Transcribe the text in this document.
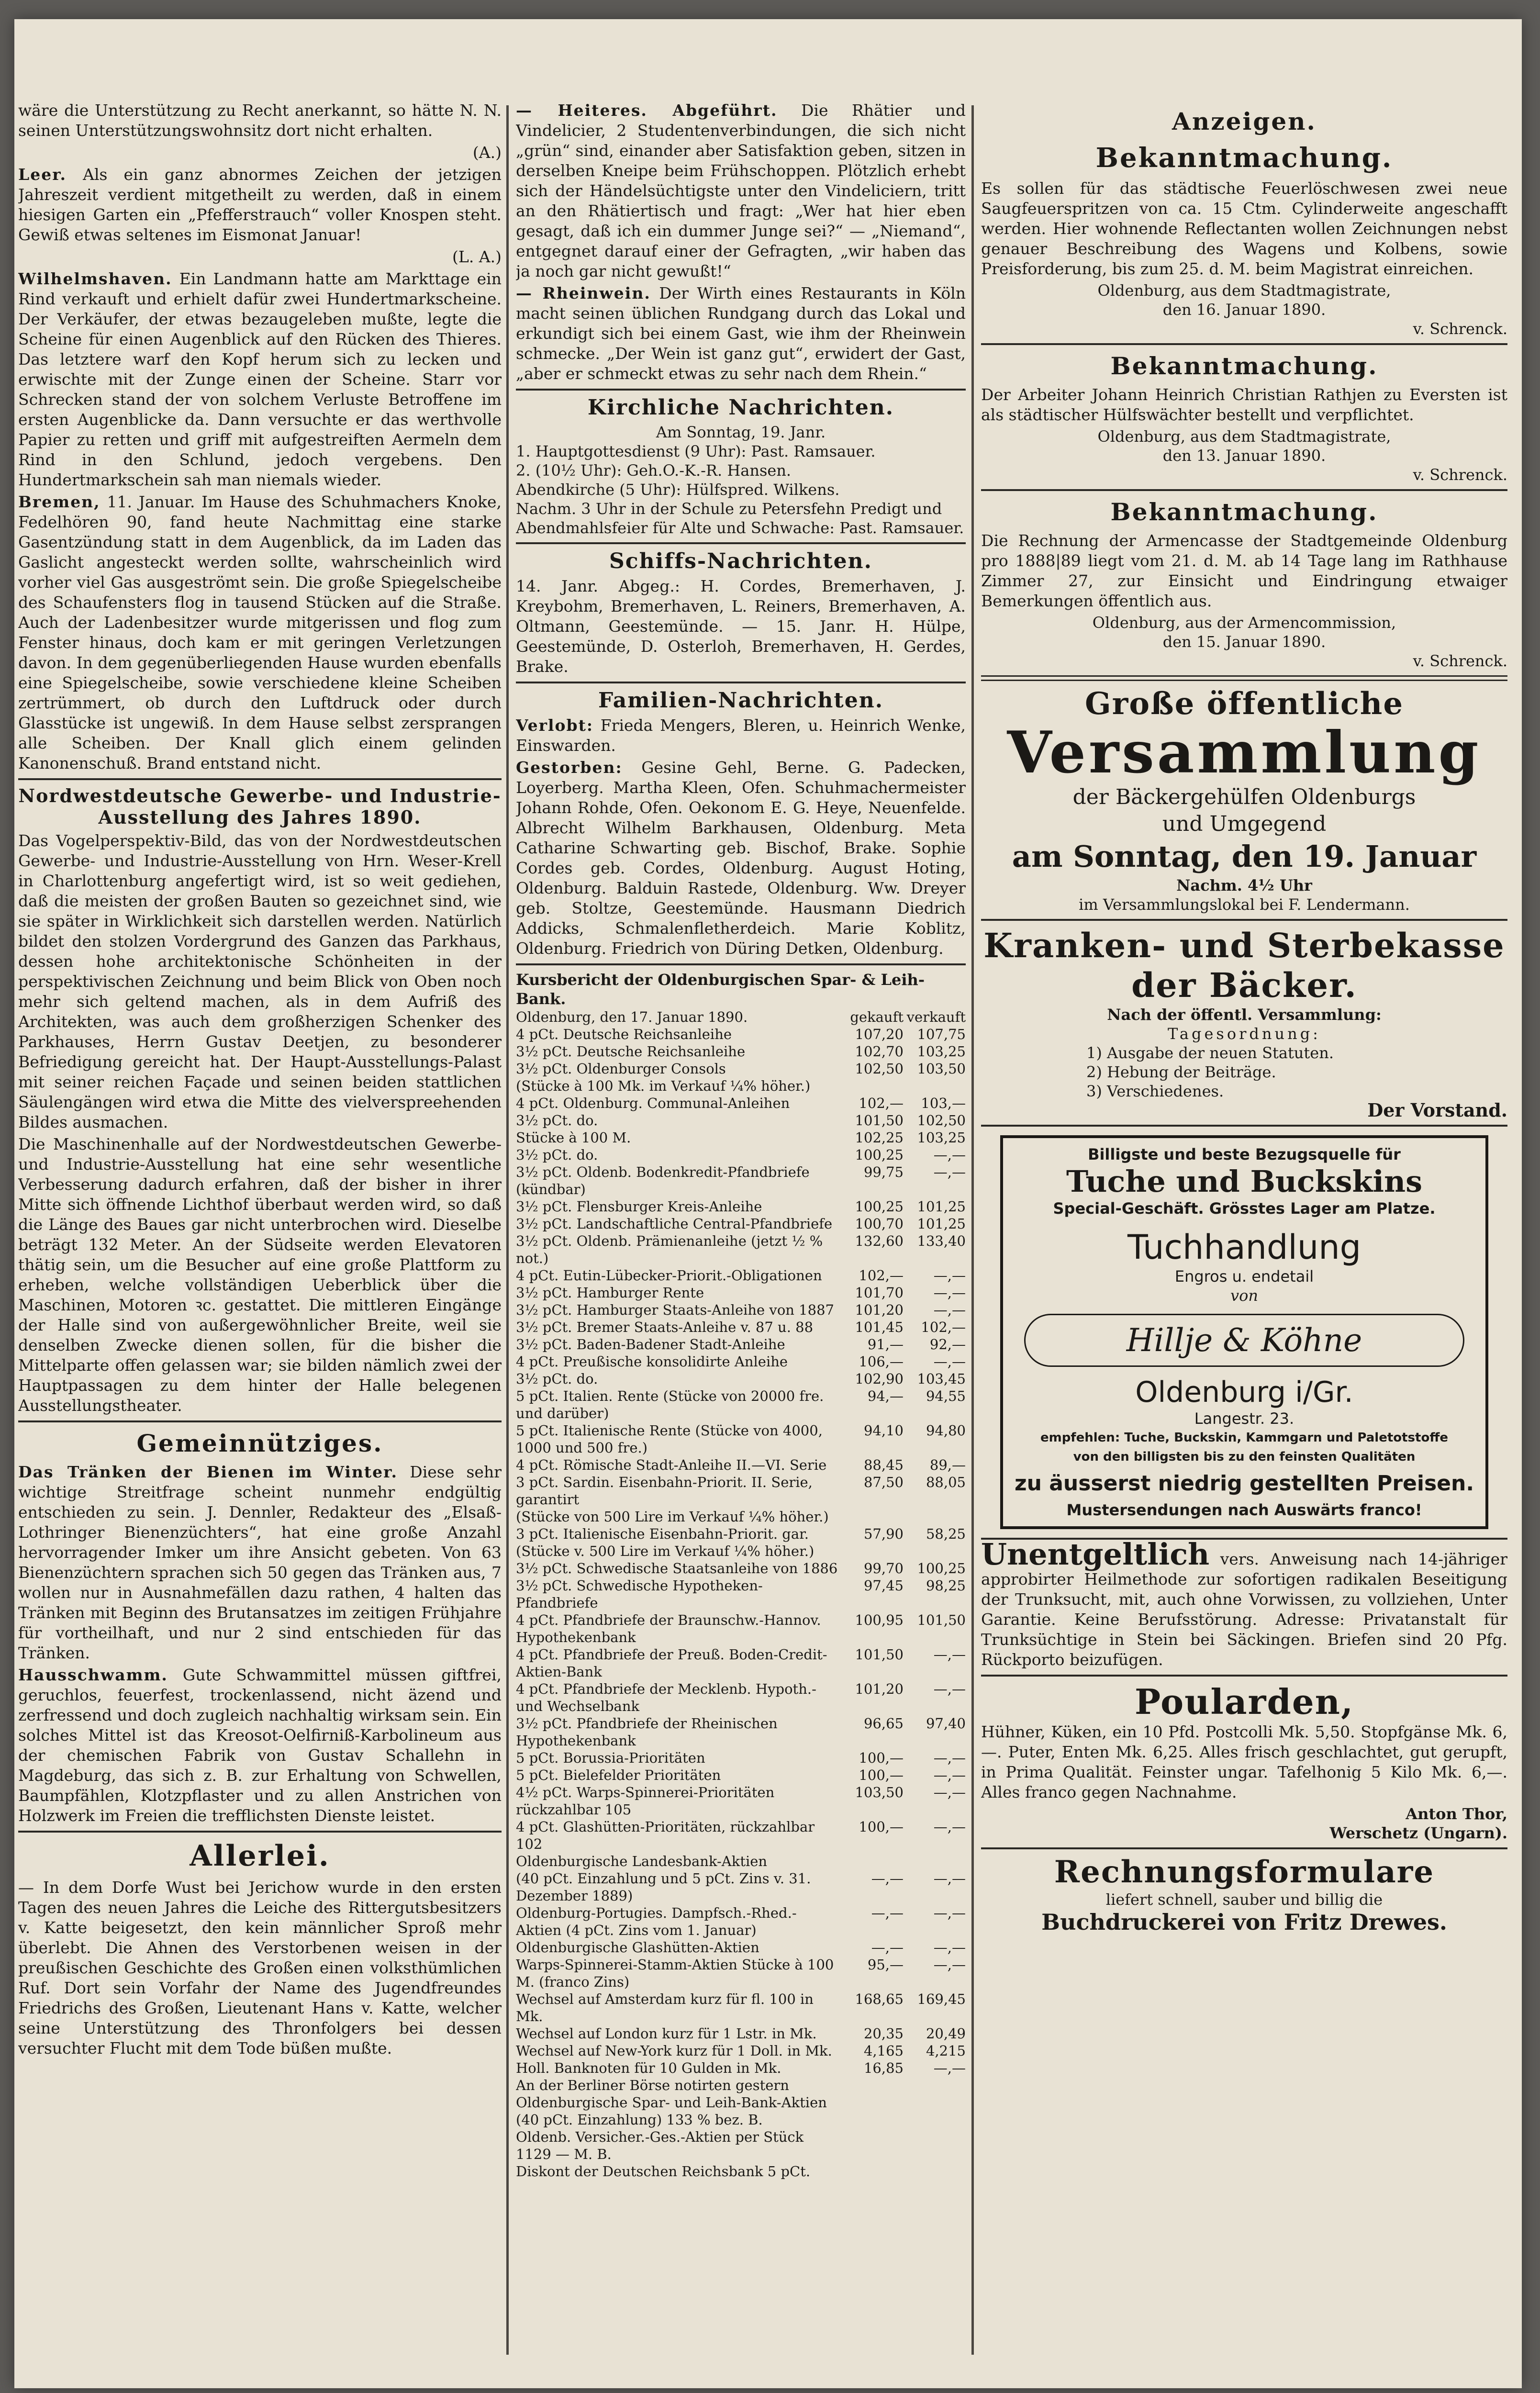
wäre die Unterstützung zu Recht anerkannt, so hätte N. N. seinen Unterstützungswohnsitz dort nicht erhalten.

(A.)

Leer. Als ein ganz abnormes Zeichen der jetzigen Jahreszeit verdient mitgetheilt zu werden, daß in einem hiesigen Garten ein „Pfefferstrauch“ voller Knospen steht. Gewiß etwas seltenes im Eismonat Januar!

(L. A.)

Wilhelmshaven. Ein Landmann hatte am Markttage ein Rind verkauft und erhielt dafür zwei Hundertmarkscheine. Der Verkäufer, der etwas bezaugeleben mußte, legte die Scheine für einen Augenblick auf den Rücken des Thieres. Das letztere warf den Kopf herum sich zu lecken und erwischte mit der Zunge einen der Scheine. Starr vor Schrecken stand der von solchem Verluste Betroffene im ersten Augenblicke da. Dann versuchte er das werthvolle Papier zu retten und griff mit aufgestreiften Aermeln dem Rind in den Schlund, jedoch vergebens. Den Hundertmarkschein sah man niemals wieder.

Bremen, 11. Januar. Im Hause des Schuhmachers Knoke, Fedelhören 90, fand heute Nachmittag eine starke Gasentzündung statt in dem Augenblick, da im Laden das Gaslicht angesteckt werden sollte, wahrscheinlich wird vorher viel Gas ausgeströmt sein. Die große Spiegelscheibe des Schaufensters flog in tausend Stücken auf die Straße. Auch der Ladenbesitzer wurde mitgerissen und flog zum Fenster hinaus, doch kam er mit geringen Verletzungen davon. In dem gegenüberliegenden Hause wurden ebenfalls eine Spiegelscheibe, sowie verschiedene kleine Scheiben zertrümmert, ob durch den Luftdruck oder durch Glasstücke ist ungewiß. In dem Hause selbst zersprangen alle Scheiben. Der Knall glich einem gelinden Kanonenschuß. Brand entstand nicht.

Nordwestdeutsche Gewerbe- und Industrie-Ausstellung des Jahres 1890.

Das Vogelperspektiv-Bild, das von der Nordwestdeutschen Gewerbe- und Industrie-Ausstellung von Hrn. Weser-Krell in Charlottenburg angefertigt wird, ist so weit gediehen, daß die meisten der großen Bauten so gezeichnet sind, wie sie später in Wirklichkeit sich darstellen werden. Natürlich bildet den stolzen Vordergrund des Ganzen das Parkhaus, dessen hohe architektonische Schönheiten in der perspektivischen Zeichnung und beim Blick von Oben noch mehr sich geltend machen, als in dem Aufriß des Architekten, was auch dem großherzigen Schenker des Parkhauses, Herrn Gustav Deetjen, zu besonderer Befriedigung gereicht hat. Der Haupt-Ausstellungs-Palast mit seiner reichen Façade und seinen beiden stattlichen Säulengängen wird etwa die Mitte des vielverspreehenden Bildes ausmachen.

Die Maschinenhalle auf der Nordwestdeutschen Gewerbe- und Industrie-Ausstellung hat eine sehr wesentliche Verbesserung dadurch erfahren, daß der bisher in ihrer Mitte sich öffnende Lichthof überbaut werden wird, so daß die Länge des Baues gar nicht unterbrochen wird. Dieselbe beträgt 132 Meter. An der Südseite werden Elevatoren thätig sein, um die Besucher auf eine große Plattform zu erheben, welche vollständigen Ueberblick über die Maschinen, Motoren ꝛc. gestattet. Die mittleren Eingänge der Halle sind von außergewöhnlicher Breite, weil sie denselben Zwecke dienen sollen, für die bisher die Mittelparte offen gelassen war; sie bilden nämlich zwei der Hauptpassagen zu dem hinter der Halle belegenen Ausstellungstheater.

Gemeinnütziges.

Das Tränken der Bienen im Winter. Diese sehr wichtige Streitfrage scheint nunmehr endgültig entschieden zu sein. J. Dennler, Redakteur des „Elsaß-Lothringer Bienenzüchters“, hat eine große Anzahl hervorragender Imker um ihre Ansicht gebeten. Von 63 Bienenzüchtern sprachen sich 50 gegen das Tränken aus, 7 wollen nur in Ausnahmefällen dazu rathen, 4 halten das Tränken mit Beginn des Brutansatzes im zeitigen Frühjahre für vortheilhaft, und nur 2 sind entschieden für das Tränken.

Hausschwamm. Gute Schwammittel müssen giftfrei, geruchlos, feuerfest, trockenlassend, nicht äzend und zerfressend und doch zugleich nachhaltig wirksam sein. Ein solches Mittel ist das Kreosot-Oelfirniß-Karbolineum aus der chemischen Fabrik von Gustav Schallehn in Magdeburg, das sich z. B. zur Erhaltung von Schwellen, Baumpfählen, Klotzpflaster und zu allen Anstrichen von Holzwerk im Freien die trefflichsten Dienste leistet.

Allerlei.

— In dem Dorfe Wust bei Jerichow wurde in den ersten Tagen des neuen Jahres die Leiche des Rittergutsbesitzers v. Katte beigesetzt, den kein männlicher Sproß mehr überlebt. Die Ahnen des Verstorbenen weisen in der preußischen Geschichte des Großen einen volksthümlichen Ruf. Dort sein Vorfahr der Name des Jugendfreundes Friedrichs des Großen, Lieutenant Hans v. Katte, welcher seine Unterstützung des Thronfolgers bei dessen versuchter Flucht mit dem Tode büßen mußte.

— Heiteres. Abgeführt. Die Rhätier und Vindelicier, 2 Studentenverbindungen, die sich nicht „grün“ sind, einander aber Satisfaktion geben, sitzen in derselben Kneipe beim Frühschoppen. Plötzlich erhebt sich der Händelsüchtigste unter den Vindeliciern, tritt an den Rhätiertisch und fragt: „Wer hat hier eben gesagt, daß ich ein dummer Junge sei?“ — „Niemand“, entgegnet darauf einer der Gefragten, „wir haben das ja noch gar nicht gewußt!“

— Rheinwein. Der Wirth eines Restaurants in Köln macht seinen üblichen Rundgang durch das Lokal und erkundigt sich bei einem Gast, wie ihm der Rheinwein schmecke. „Der Wein ist ganz gut“, erwidert der Gast, „aber er schmeckt etwas zu sehr nach dem Rhein.“

Kirchliche Nachrichten.
Am Sonntag, 19. Janr.
1. Hauptgottesdienst (9 Uhr): Past. Ramsauer.
2. (10½ Uhr): Geh.O.-K.-R. Hansen.
Abendkirche (5 Uhr): Hülfspred. Wilkens.
Nachm. 3 Uhr in der Schule zu Petersfehn Predigt und Abendmahlsfeier für Alte und Schwache: Past. Ramsauer.
Schiffs-Nachrichten.

14. Janr. Abgeg.: H. Cordes, Bremerhaven, J. Kreybohm, Bremerhaven, L. Reiners, Bremerhaven, A. Oltmann, Geestemünde. — 15. Janr. H. Hülpe, Geestemünde, D. Osterloh, Bremerhaven, H. Gerdes, Brake.

Familien-Nachrichten.

Verlobt: Frieda Mengers, Bleren, u. Heinrich Wenke, Einswarden.

Gestorben: Gesine Gehl, Berne. G. Padecken, Loyerberg. Martha Kleen, Ofen. Schuhmachermeister Johann Rohde, Ofen. Oekonom E. G. Heye, Neuenfelde. Albrecht Wilhelm Barkhausen, Oldenburg. Meta Catharine Schwarting geb. Bischof, Brake. Sophie Cordes geb. Cordes, Oldenburg. August Hoting, Oldenburg. Balduin Rastede, Oldenburg. Ww. Dreyer geb. Stoltze, Geestemünde. Hausmann Diedrich Addicks, Schmalenfletherdeich. Marie Koblitz, Oldenburg. Friedrich von Düring Detken, Oldenburg.

Kursbericht der Oldenburgischen Spar- & Leih-Bank.
Oldenburg, den 17. Januar 1890.	gekauft	verkauft
4 pCt. Deutsche Reichsanleihe	107,20	107,75
3½ pCt. Deutsche Reichsanleihe	102,70	103,25
3½ pCt. Oldenburger Consols	102,50	103,50
(Stücke à 100 Mk. im Verkauf ¼% höher.)		
4 pCt. Oldenburg. Communal-Anleihen	102,—	103,—
3½ pCt. do.	101,50	102,50
Stücke à 100 M.	102,25	103,25
3½ pCt. do.	100,25	—,—
3½ pCt. Oldenb. Bodenkredit-Pfandbriefe (kündbar)	99,75	—,—
3½ pCt. Flensburger Kreis-Anleihe	100,25	101,25
3½ pCt. Landschaftliche Central-Pfandbriefe	100,70	101,25
3½ pCt. Oldenb. Prämienanleihe (jetzt ½ % not.)	132,60	133,40
4 pCt. Eutin-Lübecker-Priorit.-Obligationen	102,—	—,—
3½ pCt. Hamburger Rente	101,70	—,—
3½ pCt. Hamburger Staats-Anleihe von 1887	101,20	—,—
3½ pCt. Bremer Staats-Anleihe v. 87 u. 88	101,45	102,—
3½ pCt. Baden-Badener Stadt-Anleihe	91,—	92,—
4 pCt. Preußische konsolidirte Anleihe	106,—	—,—
3½ pCt. do.	102,90	103,45
5 pCt. Italien. Rente (Stücke von 20000 fre. und darüber)	94,—	94,55
5 pCt. Italienische Rente (Stücke von 4000, 1000 und 500 fre.)	94,10	94,80
4 pCt. Römische Stadt-Anleihe II.—VI. Serie	88,45	89,—
3 pCt. Sardin. Eisenbahn-Priorit. II. Serie, garantirt	87,50	88,05
(Stücke von 500 Lire im Verkauf ¼% höher.)		
3 pCt. Italienische Eisenbahn-Priorit. gar.	57,90	58,25
(Stücke v. 500 Lire im Verkauf ¼% höher.)		
3½ pCt. Schwedische Staatsanleihe von 1886	99,70	100,25
3½ pCt. Schwedische Hypotheken-Pfandbriefe	97,45	98,25
4 pCt. Pfandbriefe der Braunschw.-Hannov. Hypothekenbank	100,95	101,50
4 pCt. Pfandbriefe der Preuß. Boden-Credit-Aktien-Bank	101,50	—,—
4 pCt. Pfandbriefe der Mecklenb. Hypoth.- und Wechselbank	101,20	—,—
3½ pCt. Pfandbriefe der Rheinischen Hypothekenbank	96,65	97,40
5 pCt. Borussia-Prioritäten	100,—	—,—
5 pCt. Bielefelder Prioritäten	100,—	—,—
4½ pCt. Warps-Spinnerei-Prioritäten rückzahlbar 105	103,50	—,—
4 pCt. Glashütten-Prioritäten, rückzahlbar 102	100,—	—,—
Oldenburgische Landesbank-Aktien		
(40 pCt. Einzahlung und 5 pCt. Zins v. 31. Dezember 1889)	—,—	—,—
Oldenburg-Portugies. Dampfsch.-Rhed.-Aktien (4 pCt. Zins vom 1. Januar)	—,—	—,—
Oldenburgische Glashütten-Aktien	—,—	—,—
Warps-Spinnerei-Stamm-Aktien Stücke à 100 M. (franco Zins)	95,—	—,—
Wechsel auf Amsterdam kurz für fl. 100 in Mk.	168,65	169,45
Wechsel auf London kurz für 1 Lstr. in Mk.	20,35	20,49
Wechsel auf New-York kurz für 1 Doll. in Mk.	4,165	4,215
Holl. Banknoten für 10 Gulden in Mk.	16,85	—,—
An der Berliner Börse notirten gestern		
Oldenburgische Spar- und Leih-Bank-Aktien (40 pCt. Einzahlung) 133 % bez. B.		
Oldenb. Versicher.-Ges.-Aktien per Stück 1129 — M. B.		
Diskont der Deutschen Reichsbank 5 pCt.		
Anzeigen.
Bekanntmachung.

Es sollen für das städtische Feuerlöschwesen zwei neue Saugfeuerspritzen von ca. 15 Ctm. Cylinderweite angeschafft werden. Hier wohnende Reflectanten wollen Zeichnungen nebst genauer Beschreibung des Wagens und Kolbens, sowie Preisforderung, bis zum 25. d. M. beim Magistrat einreichen.

Oldenburg, aus dem Stadtmagistrate,
den 16. Januar 1890.
v. Schrenck.
Bekanntmachung.

Der Arbeiter Johann Heinrich Christian Rathjen zu Eversten ist als städtischer Hülfswächter bestellt und verpflichtet.

Oldenburg, aus dem Stadtmagistrate,
den 13. Januar 1890.
v. Schrenck.
Bekanntmachung.

Die Rechnung der Armencasse der Stadtgemeinde Oldenburg pro 1888|89 liegt vom 21. d. M. ab 14 Tage lang im Rathhause Zimmer 27, zur Einsicht und Eindringung etwaiger Bemerkungen öffentlich aus.

Oldenburg, aus der Armencommission,
den 15. Januar 1890.
v. Schrenck.
Große öffentliche
Versammlung
der Bäckergehülfen Oldenburgs
und Umgegend
am Sonntag, den 19. Januar
Nachm. 4½ Uhr
im Versammlungslokal bei F. Lendermann.
Kranken- und Sterbekasse
der Bäcker.
Nach der öffentl. Versammlung:
Tagesordnung:
1) Ausgabe der neuen Statuten.
2) Hebung der Beiträge.
3) Verschiedenes.
Der Vorstand.
Billigste und beste Bezugsquelle für
Tuche und Buckskins
Special-Geschäft. Grösstes Lager am Platze.
Tuchhandlung
Engros u. endetail
von
Hillje & Köhne
Oldenburg i/Gr.
Langestr. 23.
empfehlen: Tuche, Buckskin, Kammgarn und Paletotstoffe
von den billigsten bis zu den feinsten Qualitäten
zu äusserst niedrig gestellten Preisen.
Mustersendungen nach Auswärts franco!

Unentgeltlich vers. Anweisung nach 14-jähriger approbirter Heilmethode zur sofortigen radikalen Beseitigung der Trunksucht, mit, auch ohne Vorwissen, zu vollziehen, Unter Garantie. Keine Berufsstörung. Adresse: Privatanstalt für Trunksüchtige in Stein bei Säckingen. Briefen sind 20 Pfg. Rückporto beizufügen.

Poularden,

Hühner, Küken, ein 10 Pfd. Postcolli Mk. 5,50. Stopfgänse Mk. 6,—. Puter, Enten Mk. 6,25. Alles frisch geschlachtet, gut gerupft, in Prima Qualität. Feinster ungar. Tafelhonig 5 Kilo Mk. 6,—. Alles franco gegen Nachnahme.

Anton Thor,
Werschetz (Ungarn).
Rechnungsformulare
liefert schnell, sauber und billig die
Buchdruckerei von Fritz Drewes.
